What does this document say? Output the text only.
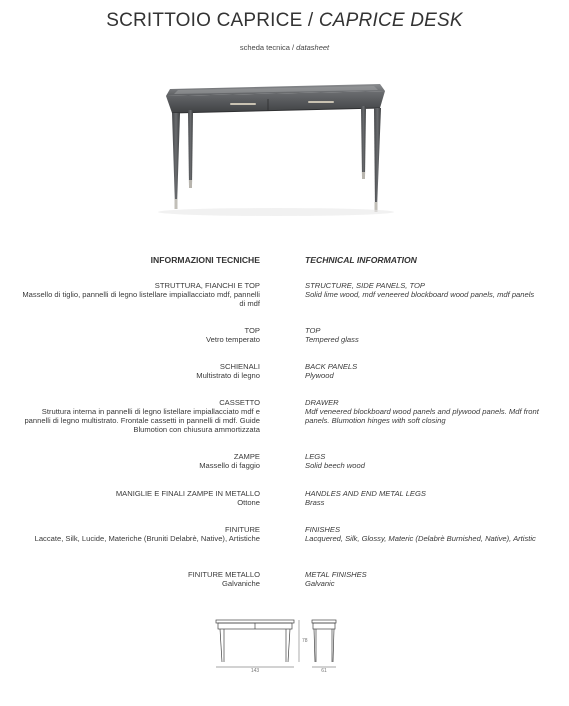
SCRITTOIO CAPRICE / CAPRICE DESK
scheda tecnica / datasheet
INFORMAZIONI TECNICHE	TECHNICAL INFORMATION
STRUTTURA, FIANCHI E TOP
Massello di tiglio, pannelli di legno listellare impiallacciato mdf, pannelli di mdf
STRUCTURE, SIDE PANELS, TOP
Solid lime wood, mdf veneered blockboard wood panels, mdf panels
TOP
Vetro temperato
TOP
Tempered glass
SCHIENALI
Multistrato di legno
BACK PANELS
Plywood
CASSETTO
Struttura interna in pannelli di legno listellare impiallacciato mdf e pannelli di legno multistrato. Frontale cassetti in pannelli di mdf. Guide Blumotion con chiusura ammortizzata
DRAWER
Mdf veneered blockboard wood panels and plywood panels. Mdf front panels. Blumotion hinges with soft closing
ZAMPE
Massello di faggio
LEGS
Solid beech wood
MANIGLIE E FINALI ZAMPE IN METALLO
Ottone
HANDLES AND END METAL LEGS
Brass
FINITURE
Laccate, Silk, Lucide, Materiche (Bruniti Delabrè, Native), Artistiche
FINISHES
Lacquered, Silk, Glossy, Materic (Delabrè Burnished, Native), Artistic
FINITURE METALLO
Galvaniche
METAL FINISHES
Galvanic
143
78
61
